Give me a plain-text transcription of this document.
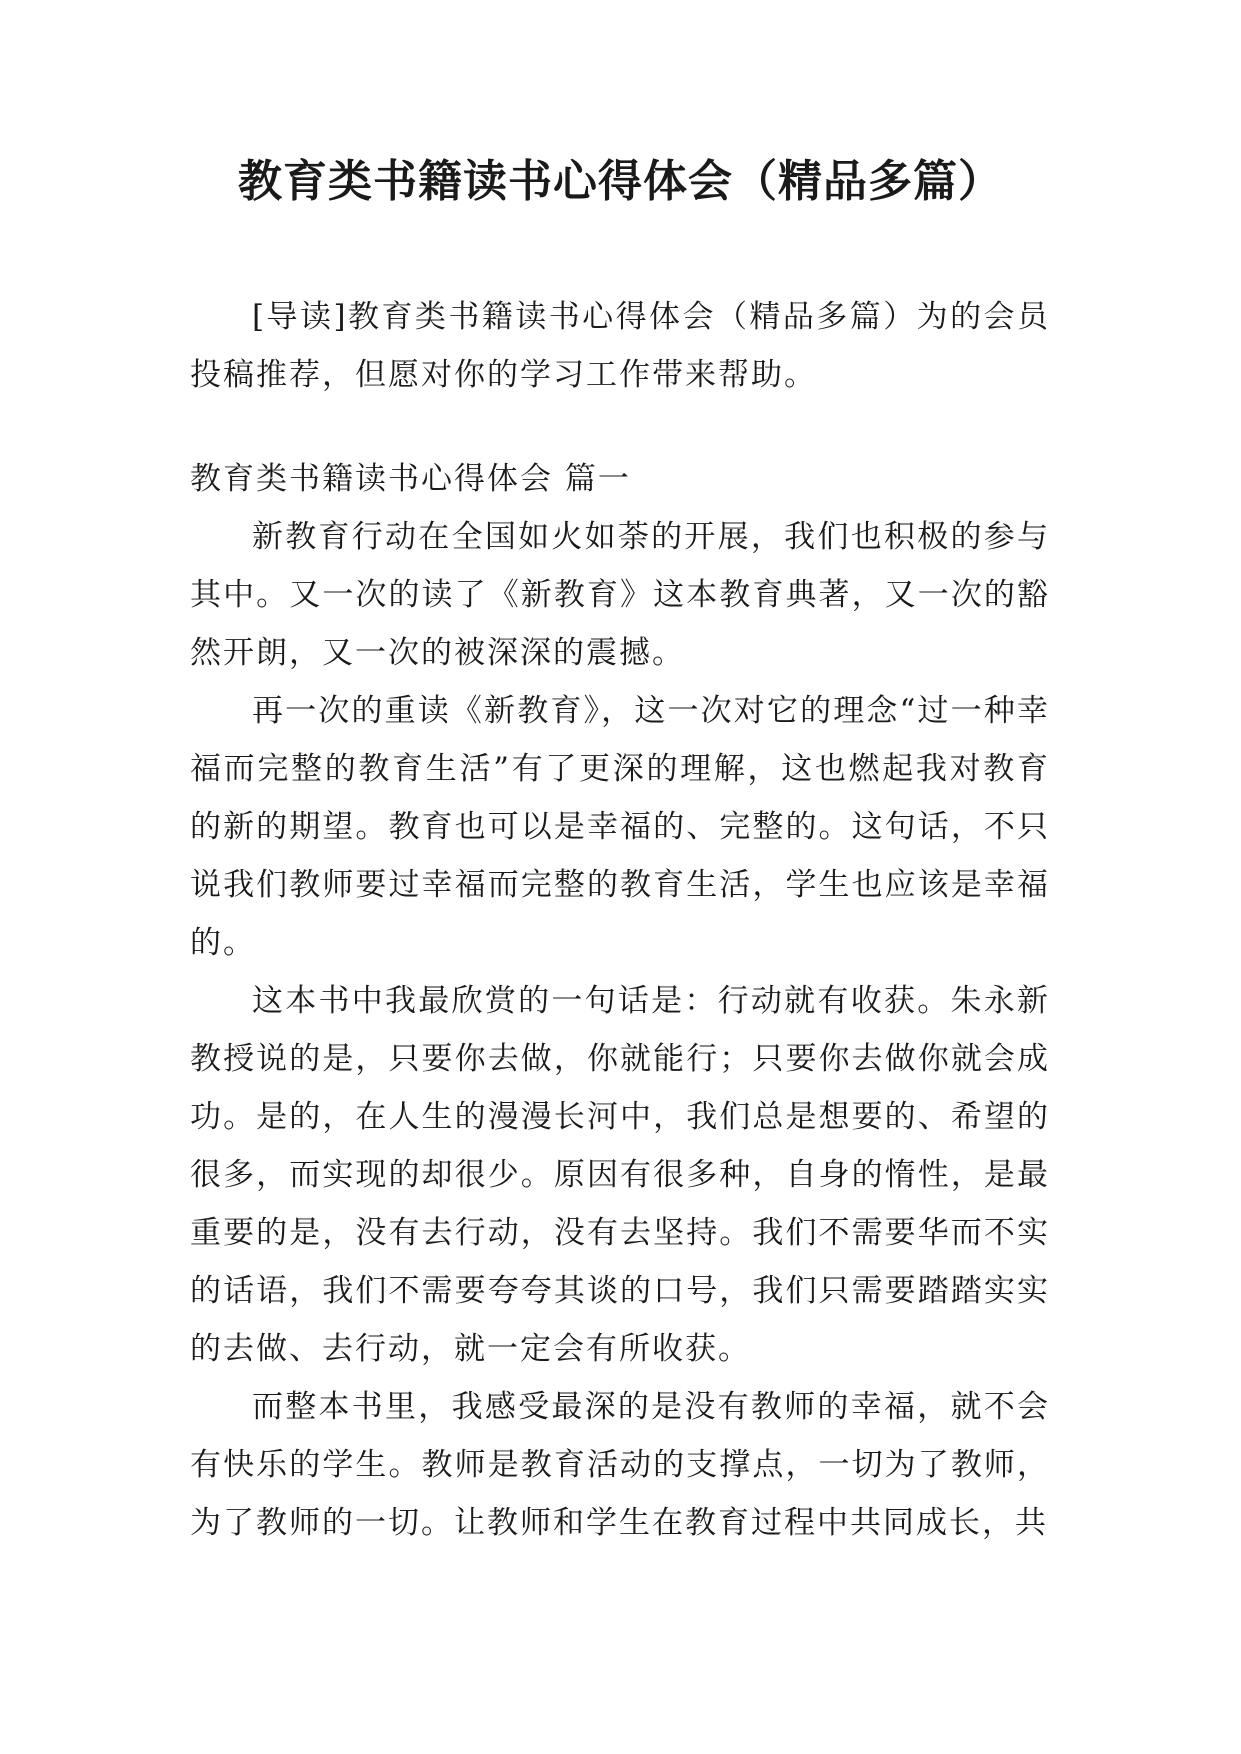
教育类书籍读书心得体会（精品多篇）

[导读]教育类书籍读书心得体会（精品多篇）为的会员投稿推荐，但愿对你的学习工作带来帮助。

教育类书籍读书心得体会 篇一

新教育行动在全国如火如荼的开展，我们也积极的参与其中。又一次的读了《新教育》这本教育典著，又一次的豁然开朗，又一次的被深深的震撼。

再一次的重读《新教育》，这一次对它的理念“过一种幸福而完整的教育生活”有了更深的理解，这也燃起我对教育的新的期望。教育也可以是幸福的、完整的。这句话，不只说我们教师要过幸福而完整的教育生活，学生也应该是幸福的。

这本书中我最欣赏的一句话是：行动就有收获。朱永新教授说的是，只要你去做，你就能行；只要你去做你就会成功。是的，在人生的漫漫长河中，我们总是想要的、希望的很多，而实现的却很少。原因有很多种，自身的惰性，是最重要的是，没有去行动，没有去坚持。我们不需要华而不实的话语，我们不需要夸夸其谈的口号，我们只需要踏踏实实的去做、去行动，就一定会有所收获。

而整本书里，我感受最深的是没有教师的幸福，就不会有快乐的学生。教师是教育活动的支撑点，一切为了教师，为了教师的一切。让教师和学生在教育过程中共同成长，共
